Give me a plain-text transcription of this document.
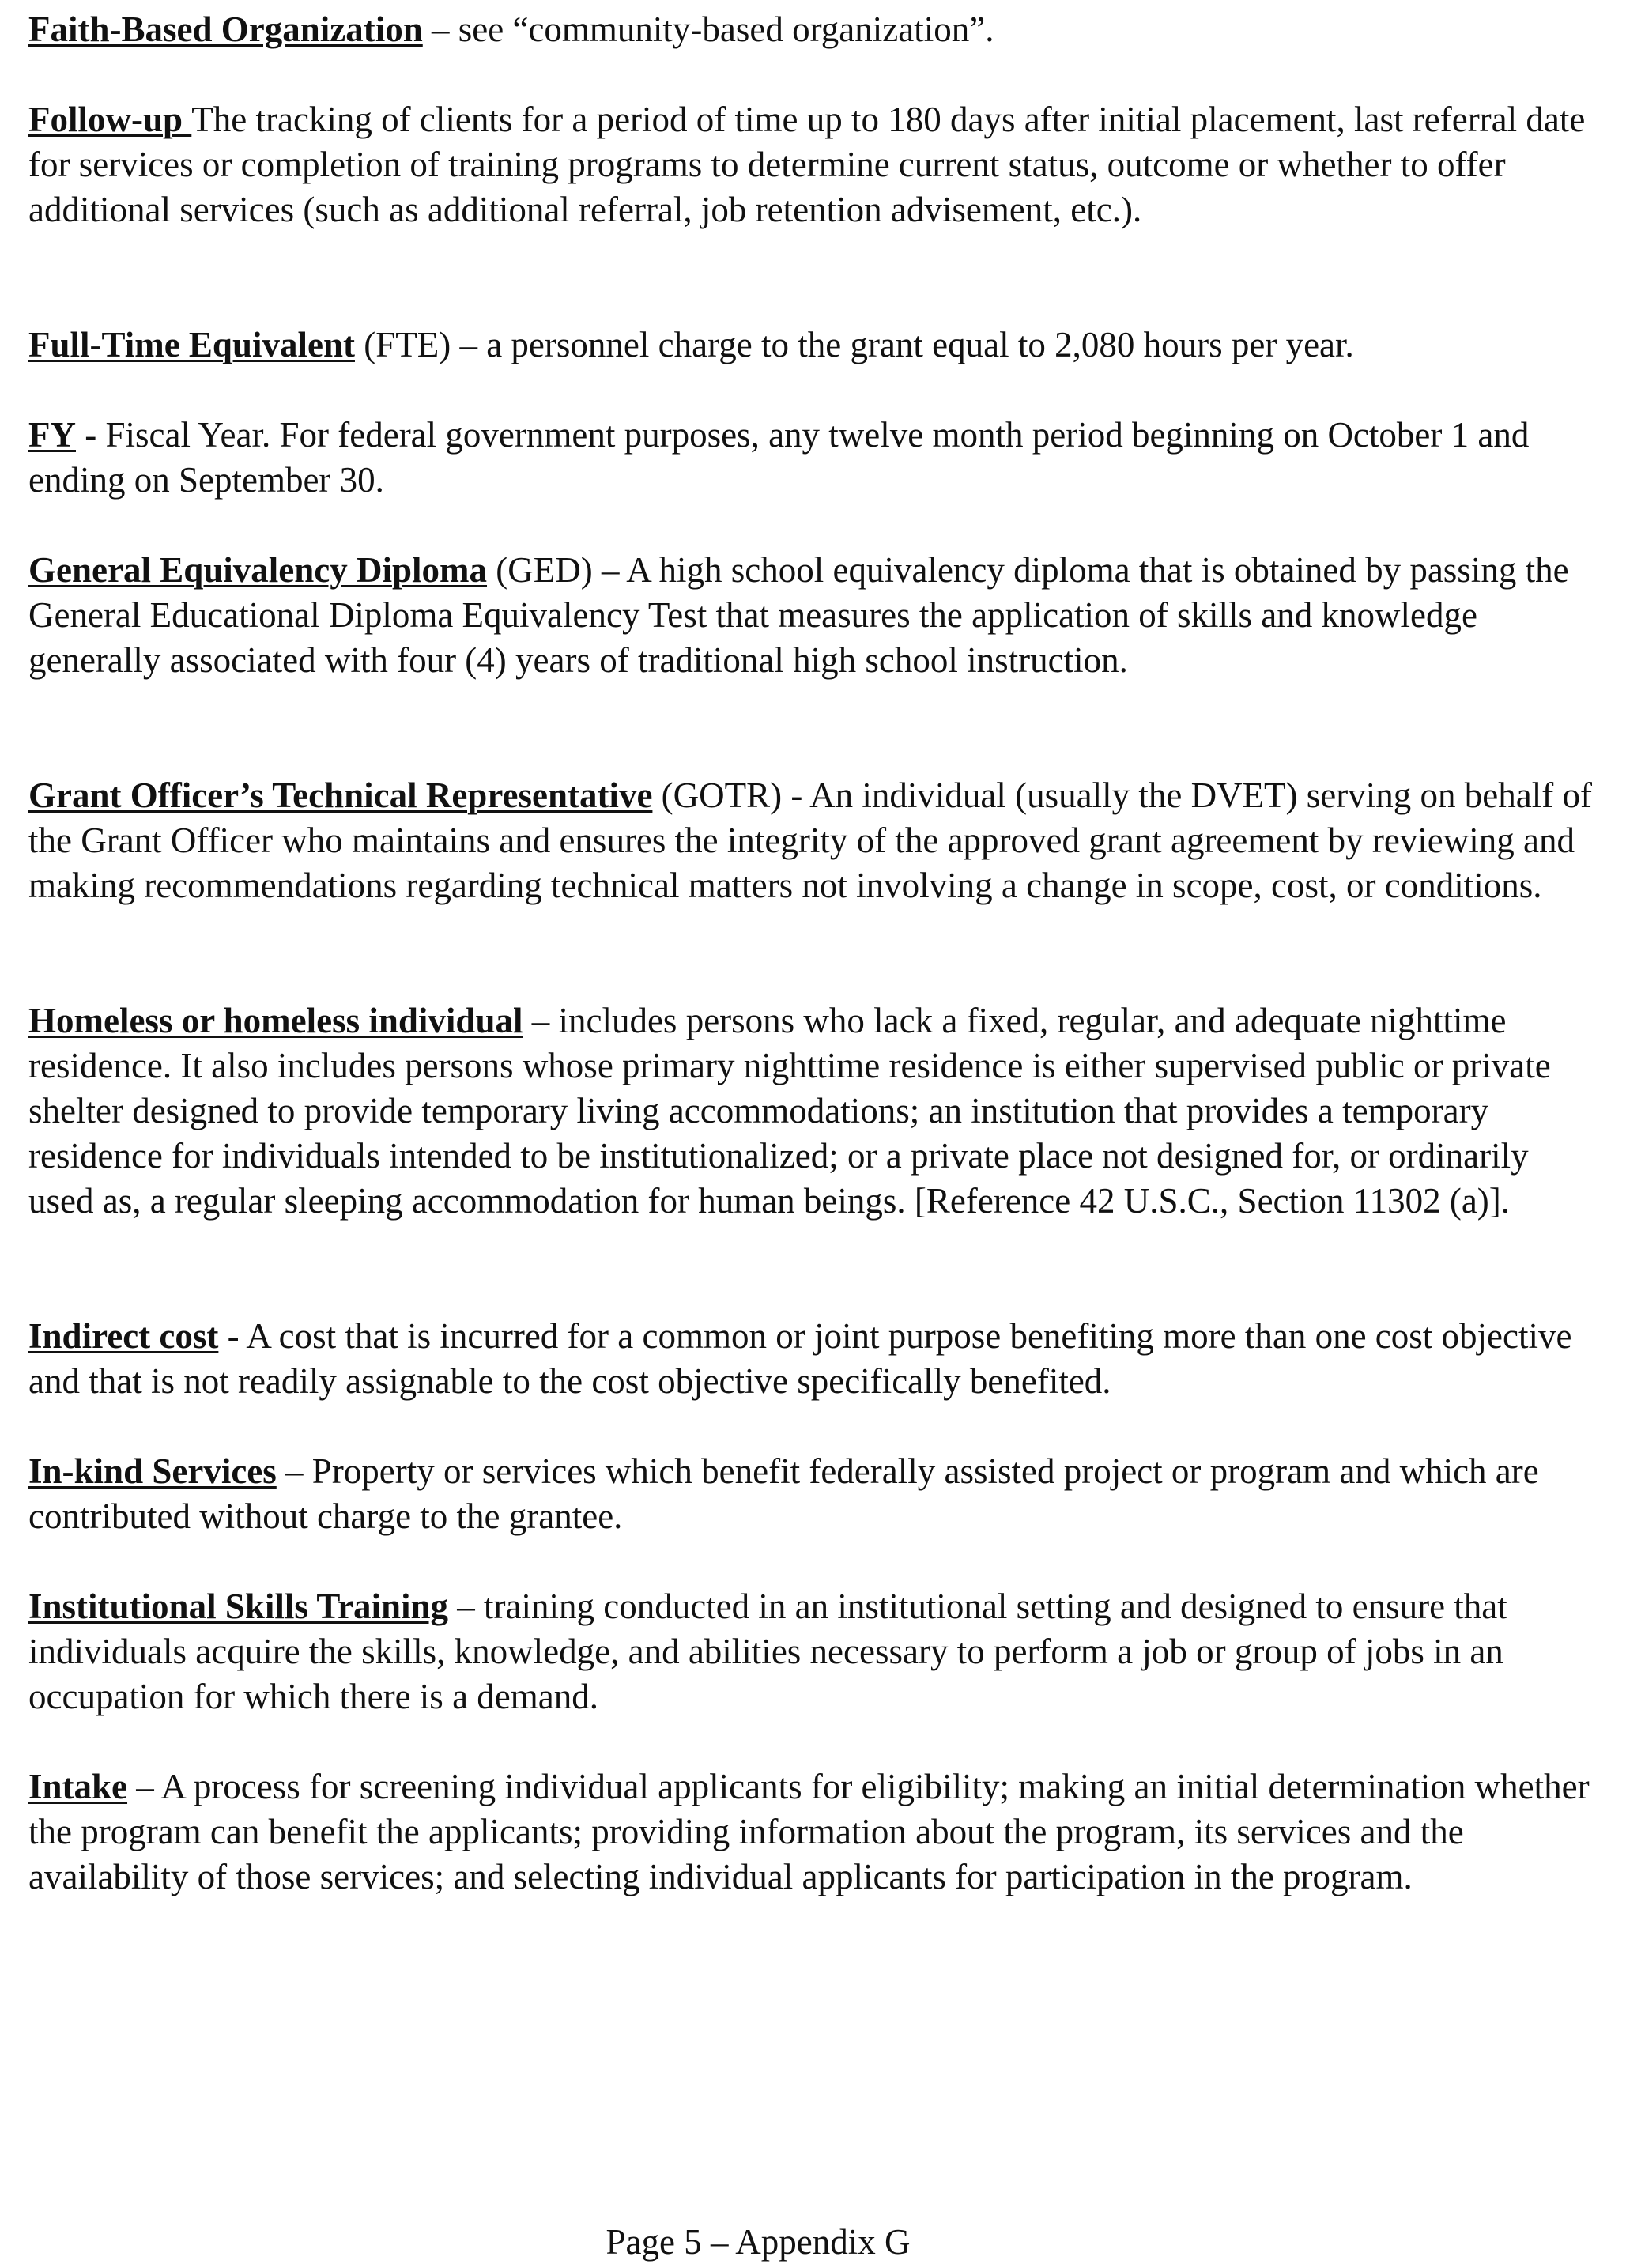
Faith-Based Organization – see “community-based organization”.

Follow-up The tracking of clients for a period of time up to 180 days after initial placement, last referral date for services or completion of training programs to determine current status, outcome or whether to offer additional services (such as additional referral, job retention advisement, etc.).

Full-Time Equivalent (FTE) – a personnel charge to the grant equal to 2,080 hours per year.

FY - Fiscal Year. For federal government purposes, any twelve month period beginning on October 1 and ending on September 30.

General Equivalency Diploma (GED) – A high school equivalency diploma that is obtained by passing the General Educational Diploma Equivalency Test that measures the application of skills and knowledge generally associated with four (4) years of traditional high school instruction.

Grant Officer’s Technical Representative (GOTR) - An individual (usually the DVET) serving on behalf of the Grant Officer who maintains and ensures the integrity of the approved grant agreement by reviewing and making recommendations regarding technical matters not involving a change in scope, cost, or conditions.

Homeless or homeless individual – includes persons who lack a fixed, regular, and adequate nighttime residence. It also includes persons whose primary nighttime residence is either supervised public or private shelter designed to provide temporary living accommodations; an institution that provides a temporary residence for individuals intended to be institutionalized; or a private place not designed for, or ordinarily used as, a regular sleeping accommodation for human beings. [Reference 42 U.S.C., Section 11302 (a)].

Indirect cost - A cost that is incurred for a common or joint purpose benefiting more than one cost objective and that is not readily assignable to the cost objective specifically benefited.

In-kind Services – Property or services which benefit federally assisted project or program and which are contributed without charge to the grantee.

Institutional Skills Training – training conducted in an institutional setting and designed to ensure that individuals acquire the skills, knowledge, and abilities necessary to perform a job or group of jobs in an occupation for which there is a demand.

Intake – A process for screening individual applicants for eligibility; making an initial determination whether the program can benefit the applicants; providing information about the program, its services and the availability of those services; and selecting individual applicants for participation in the program.

Page 5 – Appendix G
